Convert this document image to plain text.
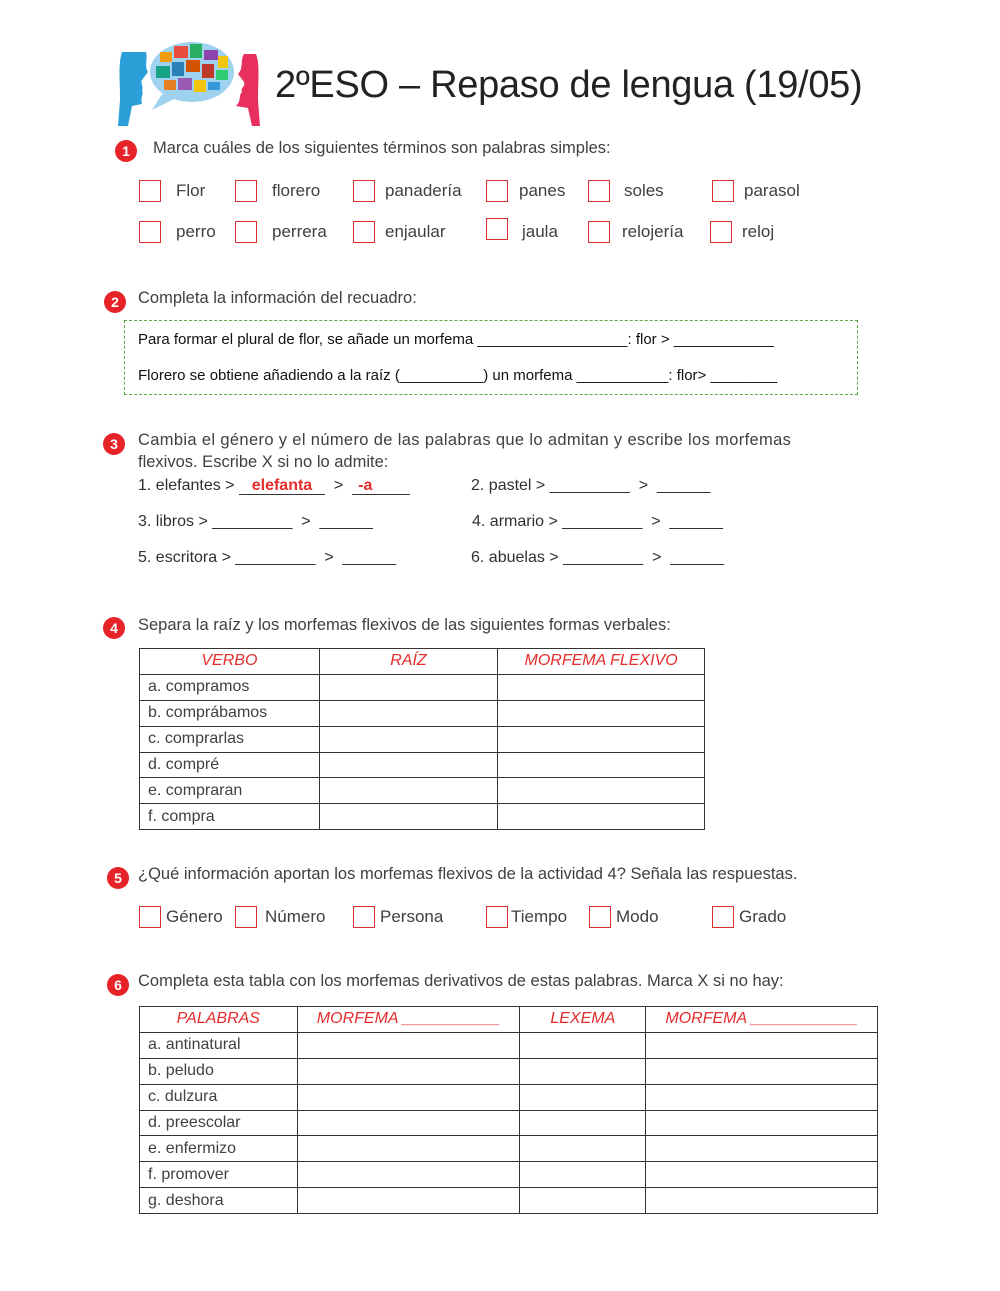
2ºESO – Repaso de lengua (19/05)
1	Marca cuáles de los siguientes términos son palabras simples:
Flor	florero	panadería	panes	soles	parasol
perro	perrera	enjaular	jaula	relojería	reloj
2	Completa la información del recuadro:
Para formar el plural de flor, se añade un morfema __________________: flor > ____________
Florero se obtiene añadiendo a la raíz (__________) un morfema ___________: flor> ________
3	Cambia el género y el número de las palabras que lo admitan y escribe los morfemas
flexivos. Escribe X si no lo admite:
1. elefantes > elefanta  >  -a	2. pastel > _________ > ______
3. libros > _________ > ______	4. armario > _________ > ______
5. escritora > _________ > ______	6. abuelas > _________ > ______
4	Separa la raíz y los morfemas flexivos de las siguientes formas verbales:
VERBO	RAÍZ	MORFEMA FLEXIVO
a. compramos		
b. comprábamos		
c. comprarlas		
d. compré		
e. compraran		
f. compra		
5 ¿Qué información aportan los morfemas flexivos de la actividad 4? Señala las respuestas.
Género Número	Persona	Tiempo	Modo	Grado
6 Completa esta tabla con los morfemas derivativos de estas palabras. Marca X si no hay:
PALABRAS	MORFEMA ___________	LEXEMA	MORFEMA ____________
a. antinatural			
b. peludo			
c. dulzura			
d. preescolar			
e. enfermizo			
f. promover			
g. deshora			
